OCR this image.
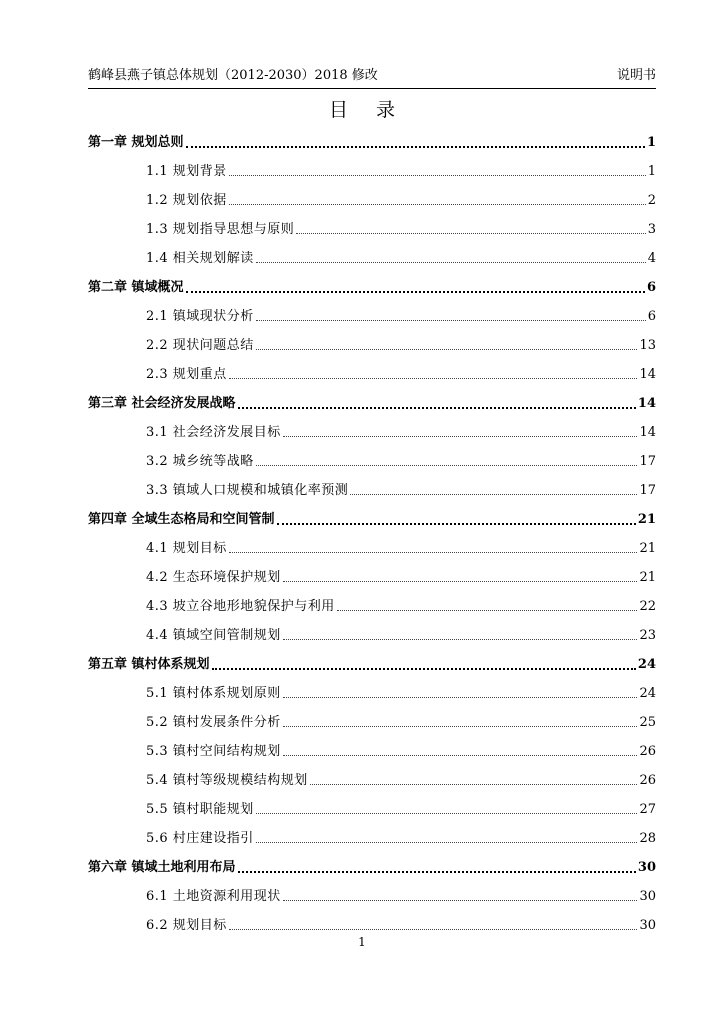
鹤峰县燕子镇总体规划（2012-2030）2018 修改	说明书
目录
第一章 规划总则	1
1.1 规划背景	1
1.2 规划依据	2
1.3 规划指导思想与原则	3
1.4 相关规划解读	4
第二章 镇域概况	6
2.1 镇域现状分析	6
2.2 现状问题总结	13
2.3 规划重点	14
第三章 社会经济发展战略	14
3.1 社会经济发展目标	14
3.2 城乡统等战略	17
3.3 镇域人口规模和城镇化率预测	17
第四章 全域生态格局和空间管制	21
4.1 规划目标	21
4.2 生态环境保护规划	21
4.3 坡立谷地形地貌保护与利用	22
4.4 镇域空间管制规划	23
第五章 镇村体系规划	24
5.1 镇村体系规划原则	24
5.2 镇村发展条件分析	25
5.3 镇村空间结构规划	26
5.4 镇村等级规模结构规划	26
5.5 镇村职能规划	27
5.6 村庄建设指引	28
第六章 镇域土地利用布局	30
6.1 土地资源利用现状	30
6.2 规划目标	30
1
